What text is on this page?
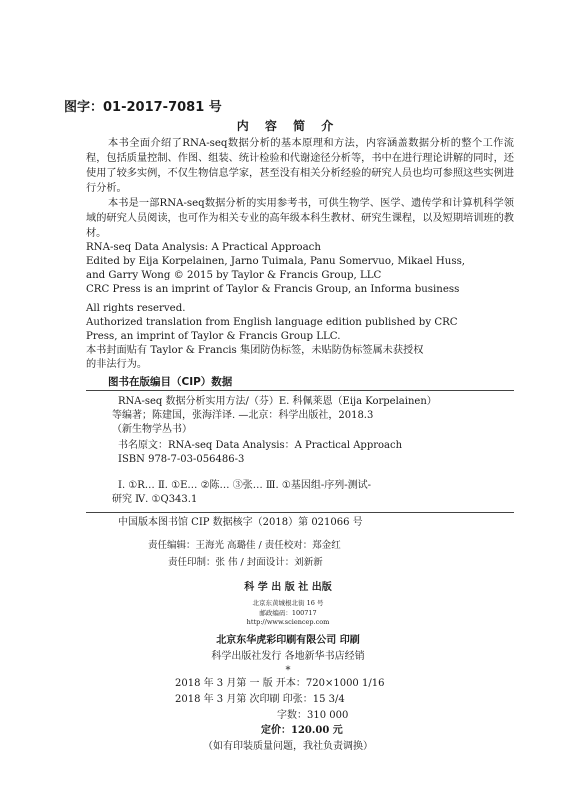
图字：01-2017-7081 号
内 容 简 介

本书全面介绍了RNA-seq数据分析的基本原理和方法，内容涵盖数据分析的整个工作流程，包括质量控制、作图、组装、统计检验和代谢途径分析等，书中在进行理论讲解的同时，还使用了较多实例，不仅生物信息学家，甚至没有相关分析经验的研究人员也均可参照这些实例进行分析。

本书是一部RNA-seq数据分析的实用参考书，可供生物学、医学、遗传学和计算机科学领域的研究人员阅读，也可作为相关专业的高年级本科生教材、研究生课程，以及短期培训班的教材。

RNA-seq Data Analysis: A Practical Approach
Edited by Eija Korpelainen, Jarno Tuimala, Panu Somervuo, Mikael Huss,
and Garry Wong © 2015 by Taylor & Francis Group, LLC
CRC Press is an imprint of Taylor & Francis Group, an Informa business
All rights reserved.
Authorized translation from English language edition published by CRC
Press, an imprint of Taylor & Francis Group LLC.
本书封面贴有 Taylor & Francis 集团防伪标签，未贴防伪标签属未获授权
的非法行为。
图书在版编目（CIP）数据
RNA-seq 数据分析实用方法/（芬）E. 科佩莱恩（Eija Korpelainen）
等编著；陈建国，张海洋译. —北京：科学出版社，2018.3
（新生物学丛书）
书名原文：RNA-seq Data Analysis：A Practical Approach
ISBN 978-7-03-056486-3
Ⅰ. ①R… Ⅱ. ①E… ②陈… ③张… Ⅲ. ①基因组-序列-测试-
研究 Ⅳ. ①Q343.1
中国版本图书馆 CIP 数据核字（2018）第 021066 号
责任编辑：王海光 高璐佳 / 责任校对：郑金红
责任印制：张 伟 / 封面设计：刘新新
科 学 出 版 社 出版
北京东黄城根北街 16 号
邮政编码：100717
http://www.sciencep.com
北京东华虎彩印刷有限公司 印刷
科学出版社发行 各地新华书店经销
*
2018 年 3 月第 一 版 开本：720×1000 1/16
2018 年 3 月第 次印刷 印张：15 3/4
字数：310 000
定价：120.00 元
（如有印装质量问题，我社负责调换）
